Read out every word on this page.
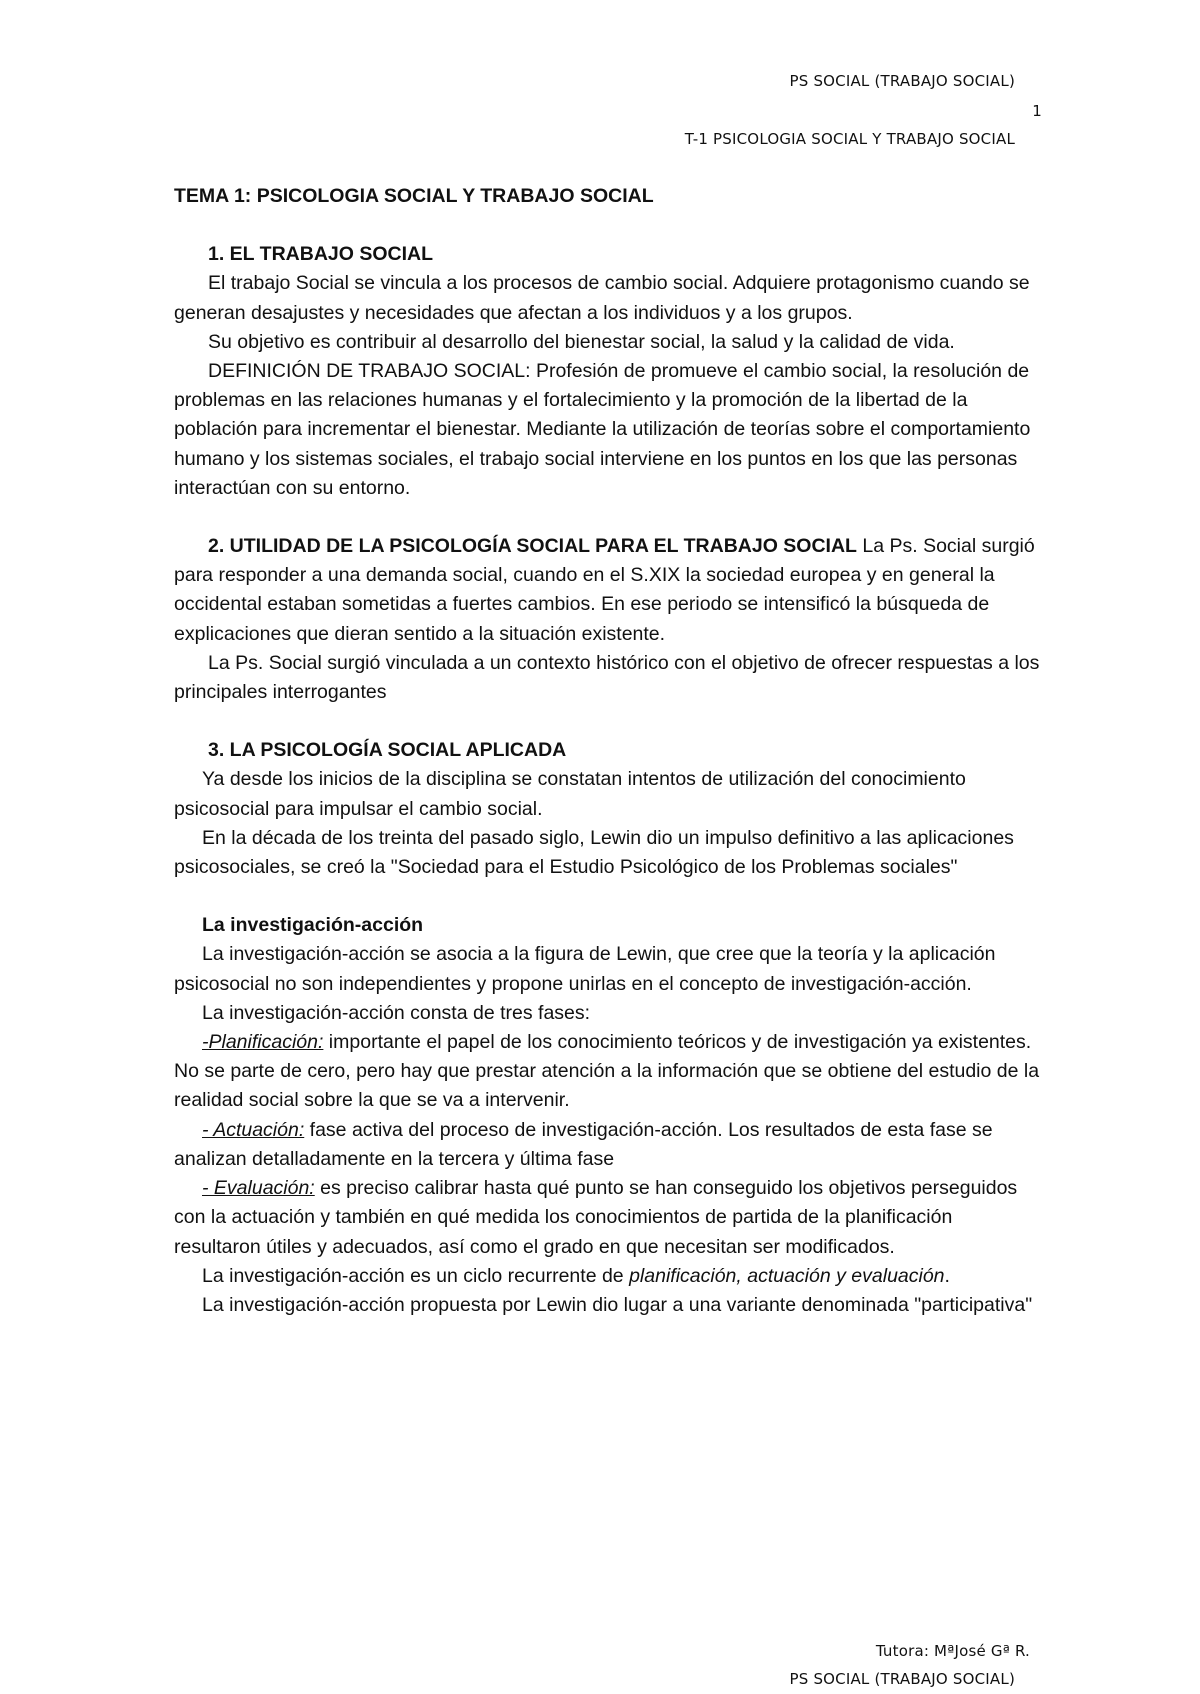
PS SOCIAL (TRABAJO SOCIAL)
1
T-1 PSICOLOGIA SOCIAL Y TRABAJO SOCIAL

TEMA 1: PSICOLOGIA SOCIAL Y TRABAJO SOCIAL

1. EL TRABAJO SOCIAL

El trabajo Social se vincula a los procesos de cambio social. Adquiere protagonismo cuando se generan desajustes y necesidades que afectan a los individuos y a los grupos.

Su objetivo es contribuir al desarrollo del bienestar social, la salud y la calidad de vida.

DEFINICIÓN DE TRABAJO SOCIAL: Profesión de promueve el cambio social, la resolución de problemas en las relaciones humanas y el fortalecimiento y la promoción de la libertad de la población para incrementar el bienestar. Mediante la utilización de teorías sobre el comportamiento humano y los sistemas sociales, el trabajo social interviene en los puntos en los que las personas interactúan con su entorno.

2. UTILIDAD DE LA PSICOLOGÍA SOCIAL PARA EL TRABAJO SOCIAL La Ps. Social surgió para responder a una demanda social, cuando en el S.XIX la sociedad europea y en general la occidental estaban sometidas a fuertes cambios. En ese periodo se intensificó la búsqueda de explicaciones que dieran sentido a la situación existente.

La Ps. Social surgió vinculada a un contexto histórico con el objetivo de ofrecer respuestas a los principales interrogantes

3. LA PSICOLOGÍA SOCIAL APLICADA

Ya desde los inicios de la disciplina se constatan intentos de utilización del conocimiento psicosocial para impulsar el cambio social.

En la década de los treinta del pasado siglo, Lewin dio un impulso definitivo a las aplicaciones psicosociales, se creó la "Sociedad para el Estudio Psicológico de los Problemas sociales"

La investigación-acción

La investigación-acción se asocia a la figura de Lewin, que cree que la teoría y la aplicación psicosocial no son independientes y propone unirlas en el concepto de investigación-acción.

La investigación-acción consta de tres fases:

-Planificación: importante el papel de los conocimiento teóricos y de investigación ya existentes. No se parte de cero, pero hay que prestar atención a la información que se obtiene del estudio de la realidad social sobre la que se va a intervenir.

- Actuación: fase activa del proceso de investigación-acción. Los resultados de esta fase se analizan detalladamente en la tercera y última fase

- Evaluación: es preciso calibrar hasta qué punto se han conseguido los objetivos perseguidos con la actuación y también en qué medida los conocimientos de partida de la planificación resultaron útiles y adecuados, así como el grado en que necesitan ser modificados.

La investigación-acción es un ciclo recurrente de planificación, actuación y evaluación.

La investigación-acción propuesta por Lewin dio lugar a una variante denominada "participativa"

Tutora: MªJosé Gª R.
PS SOCIAL (TRABAJO SOCIAL)
